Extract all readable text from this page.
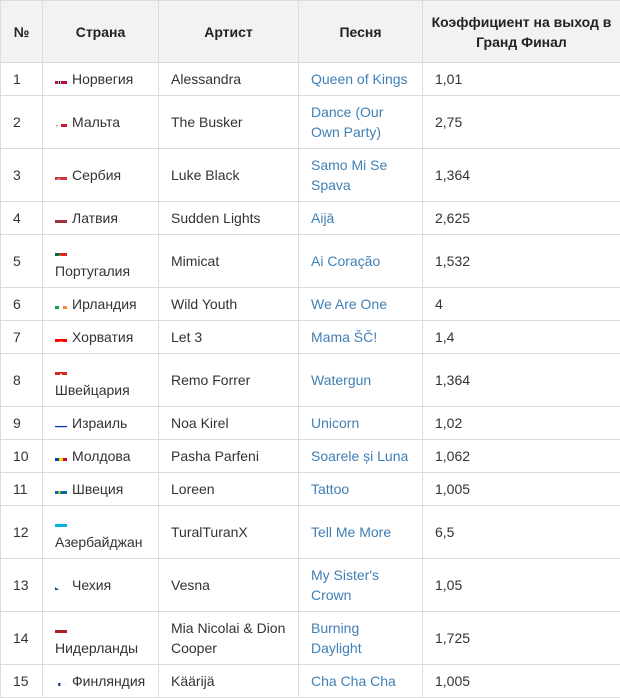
№	Страна	Артист	Песня	Коэффициент на выход в Гранд Финал
1	Норвегия	Alessandra	Queen of Kings	1,01
2	Мальта	The Busker	Dance (Our Own Party)	2,75
3	Сербия	Luke Black	Samo Mi Se Spava	1,364
4	Латвия	Sudden Lights	Aijā	2,625
5	Португалия	Mimicat	Ai Coração	1,532
6	Ирландия	Wild Youth	We Are One	4
7	Хорватия	Let 3	Mama ŠČ!	1,4
8	Швейцария	Remo Forrer	Watergun	1,364
9	Израиль	Noa Kirel	Unicorn	1,02
10	Молдова	Pasha Parfeni	Soarele și Luna	1,062
11	Швеция	Loreen	Tattoo	1,005
12	Азербайджан	TuralTuranX	Tell Me More	6,5
13	Чехия	Vesna	My Sister's Crown	1,05
14	Нидерланды	Mia Nicolai & Dion Cooper	Burning Daylight	1,725
15	Финляндия	Käärijä	Cha Cha Cha	1,005
